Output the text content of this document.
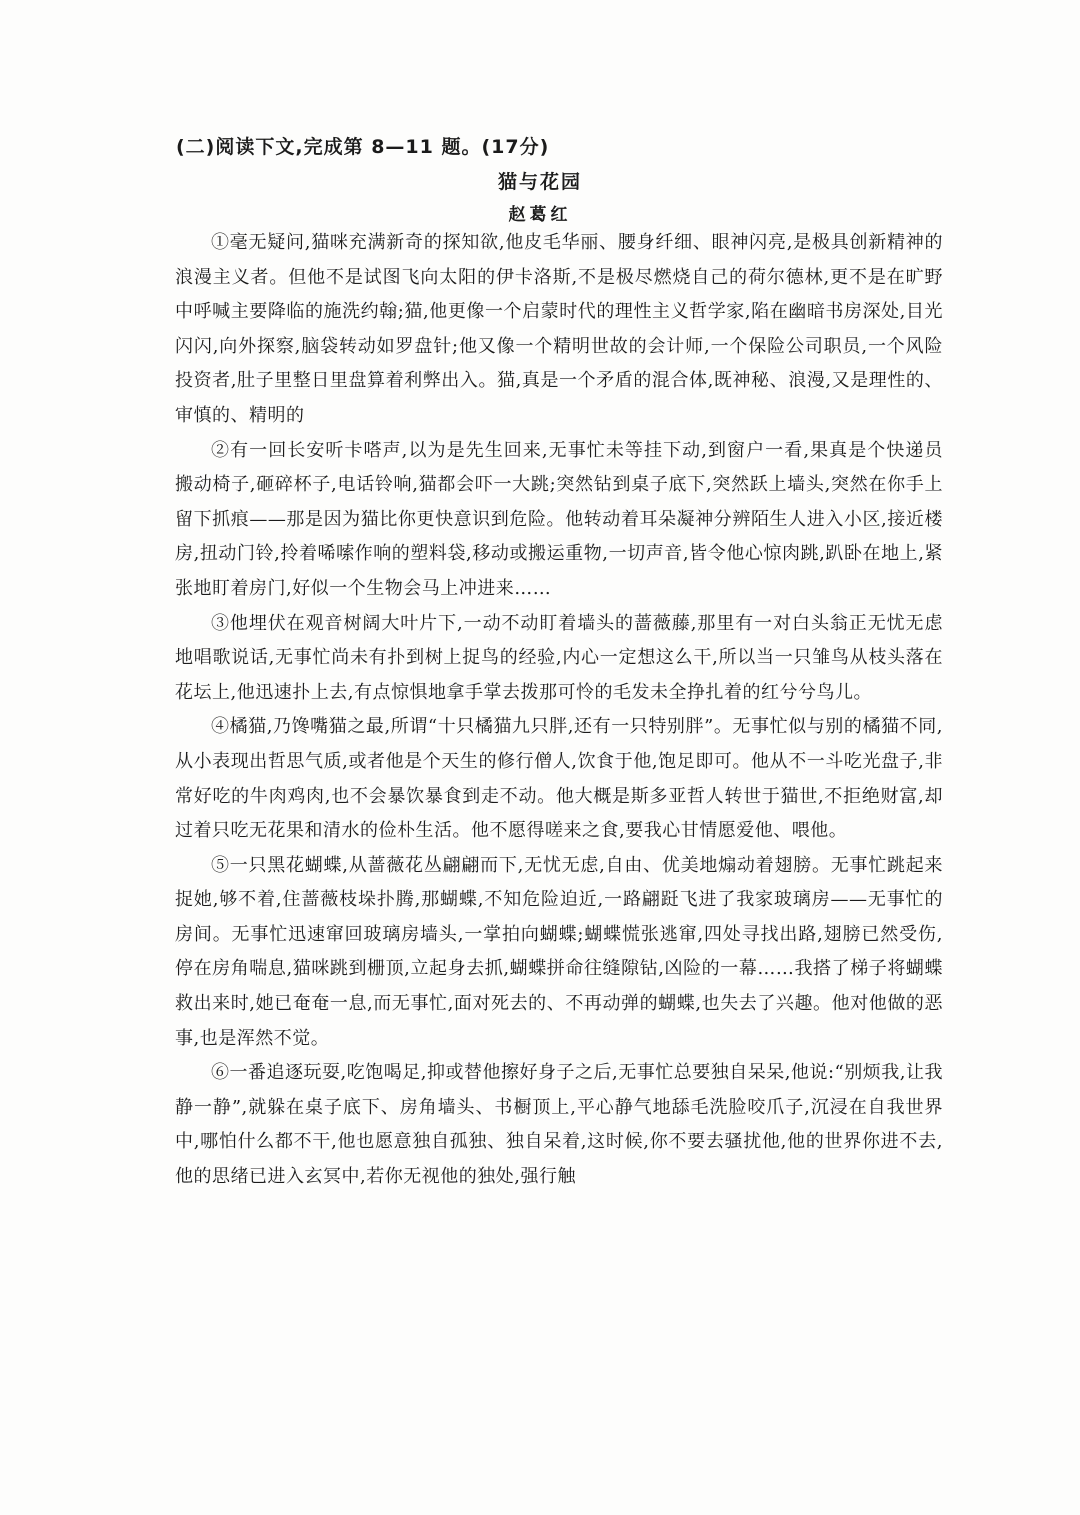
(二)阅读下文,完成第 8—11 题。(17分)
猫与花园
赵葛红

①毫无疑问,猫咪充满新奇的探知欲,他皮毛华丽、腰身纤细、眼神闪亮,是极具创新精神的浪漫主义者。但他不是试图飞向太阳的伊卡洛斯,不是极尽燃烧自己的荷尔德林,更不是在旷野中呼喊主要降临的施洗约翰;猫,他更像一个启蒙时代的理性主义哲学家,陷在幽暗书房深处,目光闪闪,向外探察,脑袋转动如罗盘针;他又像一个精明世故的会计师,一个保险公司职员,一个风险投资者,肚子里整日里盘算着利弊出入。猫,真是一个矛盾的混合体,既神秘、浪漫,又是理性的、审慎的、精明的

②有一回长安听卡嗒声,以为是先生回来,无事忙未等挂下动,到窗户一看,果真是个快递员 搬动椅子,砸碎杯子,电话铃响,猫都会吓一大跳;突然钻到桌子底下,突然跃上墙头,突然在你手上留下抓痕——那是因为猫比你更快意识到危险。他转动着耳朵凝神分辨陌生人进入小区,接近楼房,扭动门铃,拎着唏嗦作响的塑料袋,移动或搬运重物,一切声音,皆令他心惊肉跳,趴卧在地上,紧张地盯着房门,好似一个生物会马上冲进来……

③他埋伏在观音树阔大叶片下,一动不动盯着墙头的蔷薇藤,那里有一对白头翁正无忧无虑地唱歌说话,无事忙尚未有扑到树上捉鸟的经验,内心一定想这么干,所以当一只雏鸟从枝头落在花坛上,他迅速扑上去,有点惊惧地拿手掌去拨那可怜的毛发未全挣扎着的红兮兮鸟儿。

④橘猫,乃馋嘴猫之最,所谓“十只橘猫九只胖,还有一只特别胖”。无事忙似与别的橘猫不同,从小表现出哲思气质,或者他是个天生的修行僧人,饮食于他,饱足即可。他从不一斗吃光盘子,非常好吃的牛肉鸡肉,也不会暴饮暴食到走不动。他大概是斯多亚哲人转世于猫世,不拒绝财富,却过着只吃无花果和清水的俭朴生活。他不愿得嗟来之食,要我心甘情愿爱他、喂他。

⑤一只黑花蝴蝶,从蔷薇花丛翩翩而下,无忧无虑,自由、优美地煽动着翅膀。无事忙跳起来捉她,够不着,住蔷薇枝垛扑腾,那蝴蝶,不知危险迫近,一路翩跹飞进了我家玻璃房——无事忙的房间。无事忙迅速窜回玻璃房墙头,一掌拍向蝴蝶;蝴蝶慌张逃窜,四处寻找出路,翅膀已然受伤,停在房角喘息,猫咪跳到栅顶,立起身去抓,蝴蝶拼命往缝隙钻,凶险的一幕……我搭了梯子将蝴蝶救出来时,她已奄奄一息,而无事忙,面对死去的、不再动弹的蝴蝶,也失去了兴趣。他对他做的恶事,也是浑然不觉。

⑥一番追逐玩耍,吃饱喝足,抑或替他擦好身子之后,无事忙总要独自呆呆,他说:“别烦我,让我静一静”,就躲在桌子底下、房角墙头、书橱顶上,平心静气地舔毛洗脸咬爪子,沉浸在自我世界中,哪怕什么都不干,他也愿意独自孤独、独自呆着,这时候,你不要去骚扰他,他的世界你进不去,他的思绪已进入玄冥中,若你无视他的独处,强行触
